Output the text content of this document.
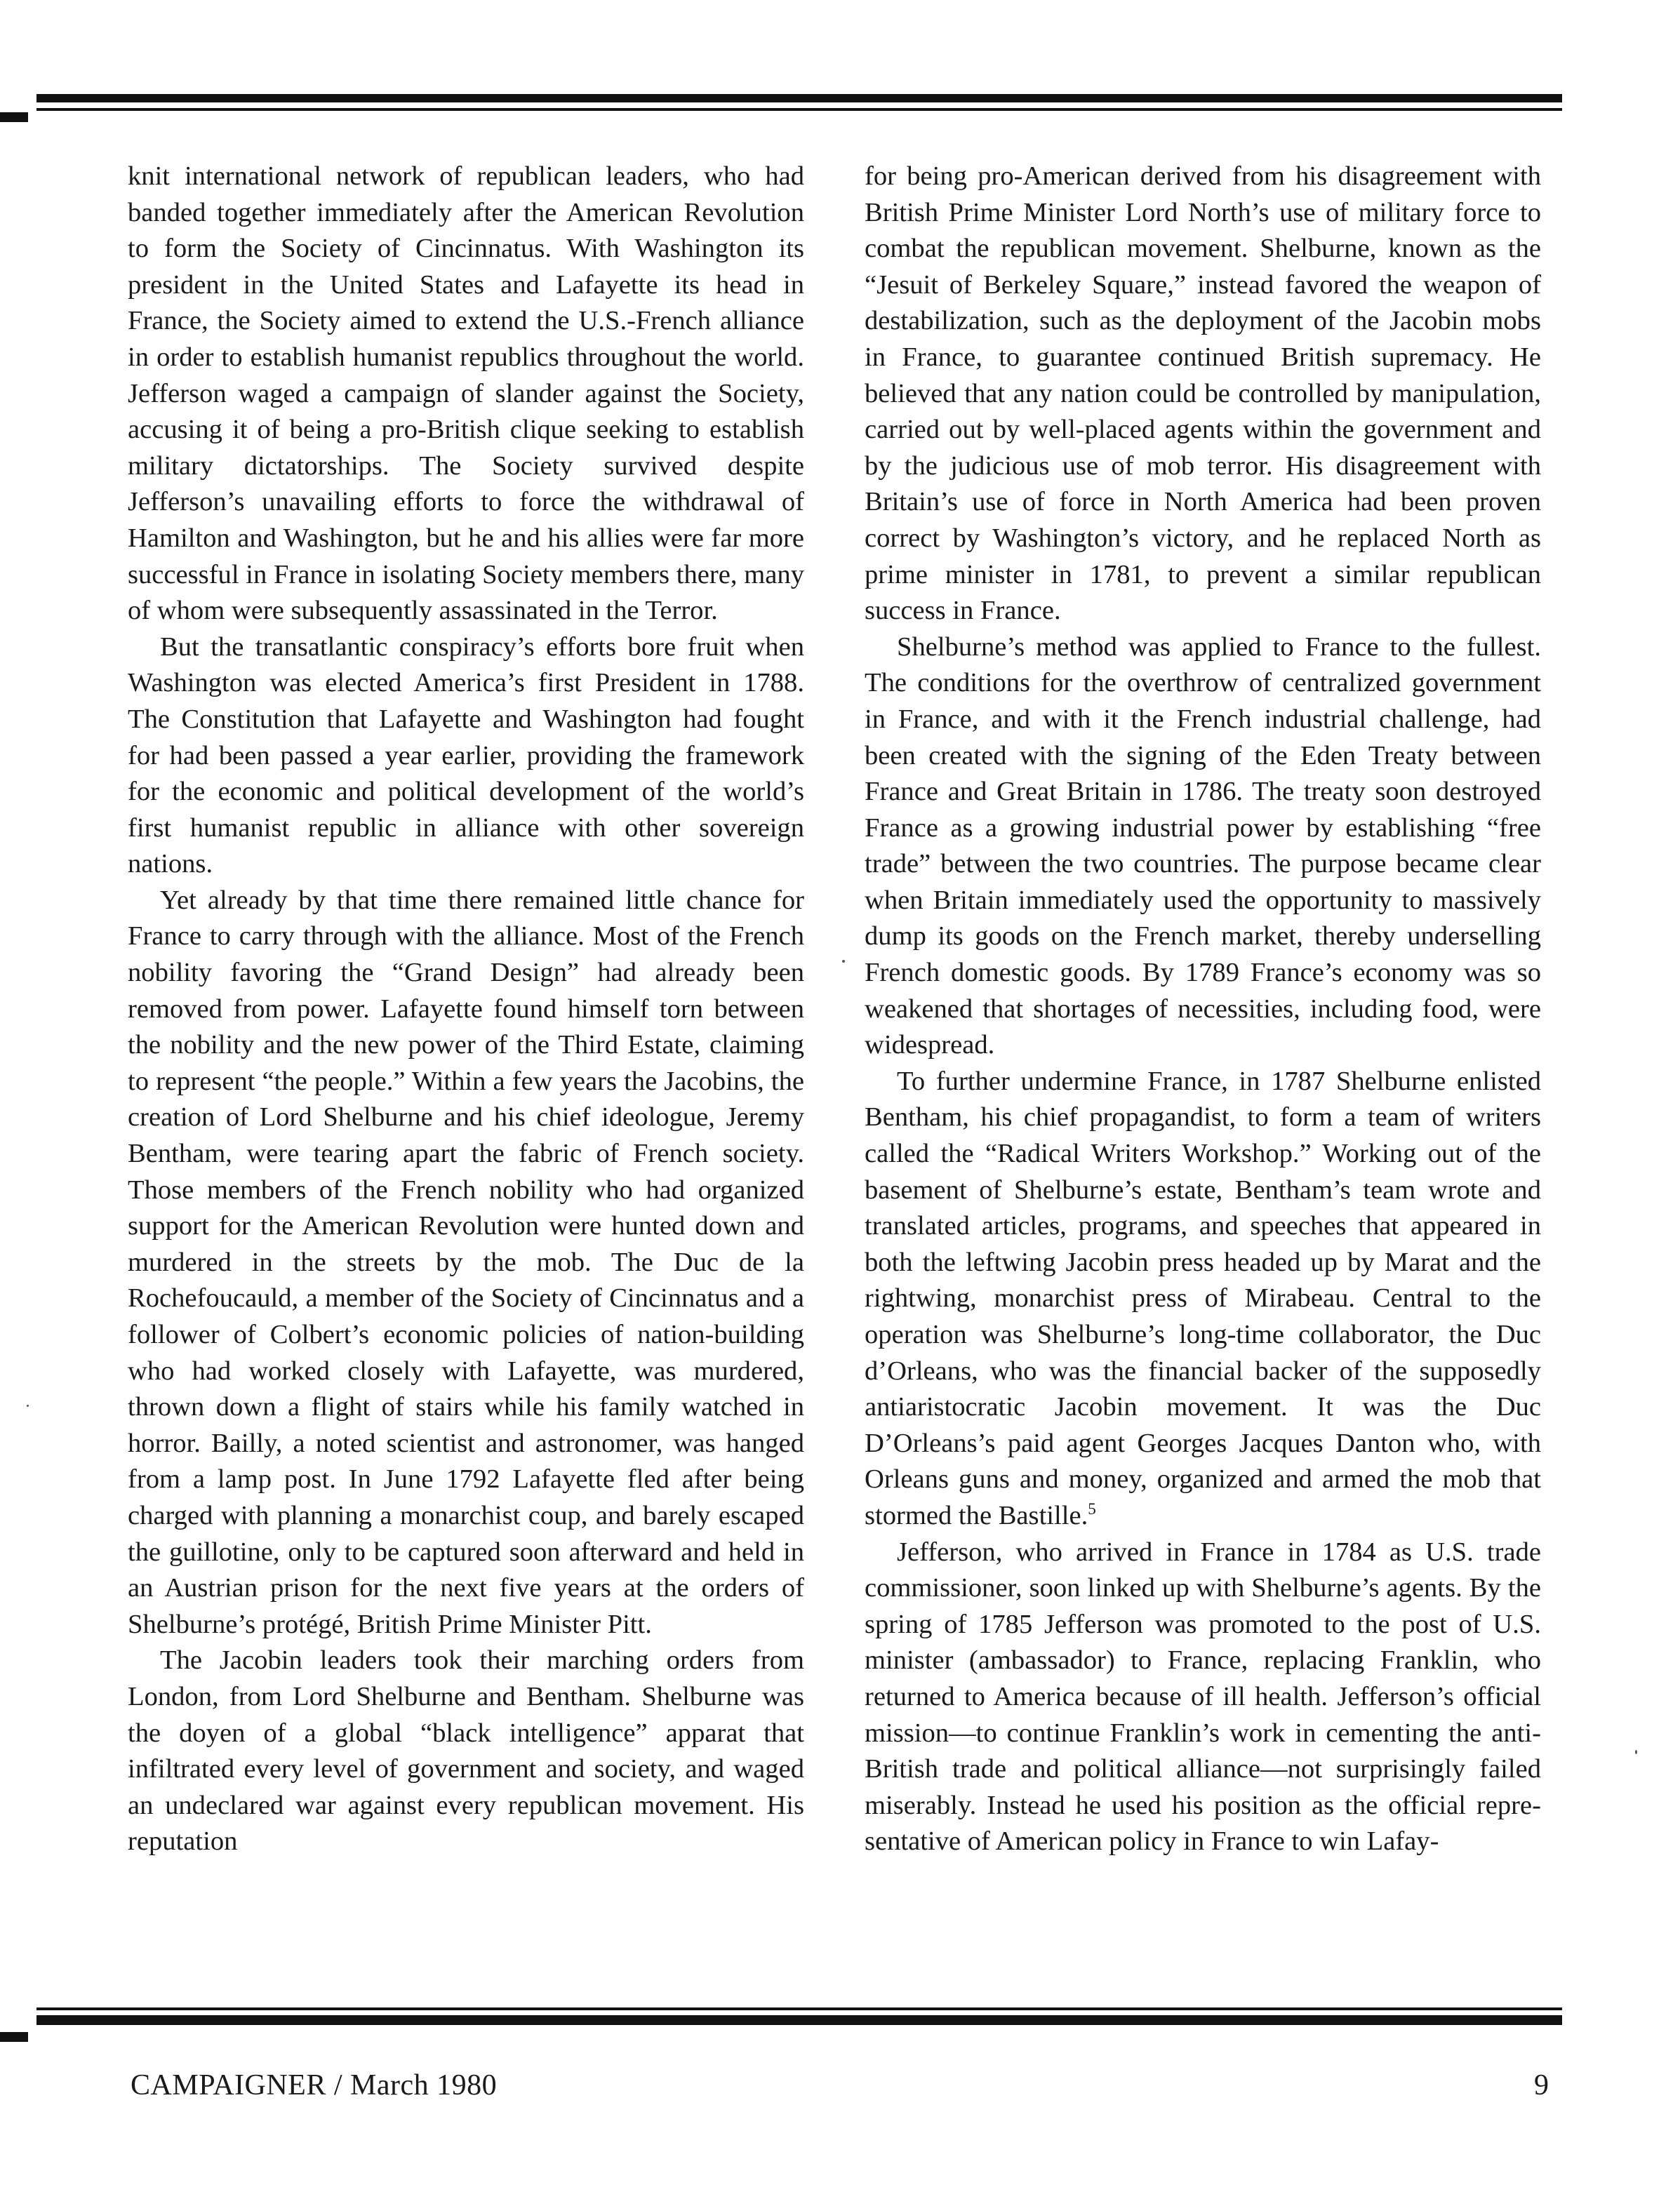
knit international network of republican leaders, who had banded together immediately after the American Revolution to form the Society of Cincinnatus. With Washington its president in the United States and Lafayette its head in France, the Society aimed to extend the U.S.-French alliance in order to establish humanist republics throughout the world. Jefferson waged a campaign of slander against the Society, accusing it of being a pro-British clique seeking to establish military dictatorships. The Society survived despite Jefferson’s unavailing efforts to force the withdrawal of Hamilton and Washington, but he and his allies were far more successful in France in isolating Society members there, many of whom were subsequently assassinated in the Terror.

But the transatlantic conspiracy’s efforts bore fruit when Washington was elected America’s first President in 1788. The Constitution that Lafayette and Washington had fought for had been passed a year earlier, providing the framework for the economic and political development of the world’s first humanist republic in alliance with other sovereign nations.

Yet already by that time there remained little chance for France to carry through with the alliance. Most of the French nobility favoring the “Grand Design” had already been removed from power. Lafayette found himself torn between the nobility and the new power of the Third Estate, claiming to represent “the people.” Within a few years the Jacobins, the creation of Lord Shelburne and his chief ideologue, Jeremy Bentham, were tearing apart the fabric of French society. Those members of the French nobility who had organized support for the American Revolution were hunted down and murdered in the streets by the mob. The Duc de la Rochefoucauld, a member of the Society of Cincinnatus and a follower of Colbert’s economic policies of nation-building who had worked closely with Lafayette, was murdered, thrown down a flight of stairs while his family watched in horror. Bailly, a noted scientist and astronomer, was hanged from a lamp post. In June 1792 Lafayette fled after being charged with planning a monarchist coup, and barely escaped the guillotine, only to be captured soon afterward and held in an Austrian prison for the next five years at the orders of Shelburne’s protégé, British Prime Minister Pitt.

The Jacobin leaders took their marching orders from London, from Lord Shelburne and Bentham. Shelburne was the doyen of a global “black intelligence” apparat that infiltrated every level of government and society, and waged an undeclared war against every republican movement. His reputation

for being pro-American derived from his disagreement with British Prime Minister Lord North’s use of military force to combat the republican movement. Shelburne, known as the “Jesuit of Berkeley Square,” instead favored the weapon of destabilization, such as the deployment of the Jacobin mobs in France, to guarantee continued British supremacy. He believed that any nation could be controlled by manipulation, carried out by well-placed agents within the government and by the judicious use of mob terror. His disagreement with Britain’s use of force in North America had been proven correct by Washington’s victory, and he replaced North as prime minister in 1781, to prevent a similar republican success in France.

Shelburne’s method was applied to France to the fullest. The conditions for the overthrow of centralized government in France, and with it the French industrial challenge, had been created with the signing of the Eden Treaty between France and Great Britain in 1786. The treaty soon destroyed France as a growing industrial power by establishing “free trade” between the two countries. The purpose became clear when Britain immediately used the opportunity to massively dump its goods on the French market, thereby underselling French domestic goods. By 1789 France’s economy was so weakened that shortages of necessities, including food, were widespread.

To further undermine France, in 1787 Shelburne enlisted Bentham, his chief propagandist, to form a team of writers called the “Radical Writers Workshop.” Working out of the basement of Shelburne’s estate, Bentham’s team wrote and translated articles, programs, and speeches that appeared in both the leftwing Jacobin press headed up by Marat and the rightwing, monarchist press of Mirabeau. Central to the operation was Shelburne’s long-time collaborator, the Duc d’Orleans, who was the financial backer of the supposedly antiaristocratic Jacobin movement. It was the Duc D’Orleans’s paid agent Georges Jacques Danton who, with Orleans guns and money, organized and armed the mob that stormed the Bastille.$^5$

Jefferson, who arrived in France in 1784 as U.S. trade commissioner, soon linked up with Shelburne’s agents. By the spring of 1785 Jefferson was promoted to the post of U.S. minister (ambassador) to France, replacing Franklin, who returned to America because of ill health. Jefferson’s official mission—to continue Franklin’s work in cementing the anti-British trade and political alliance—not surprisingly failed miserably. Instead he used his position as the official representative of American policy in France to win Lafay-

CAMPAIGNER / March 1980	9
